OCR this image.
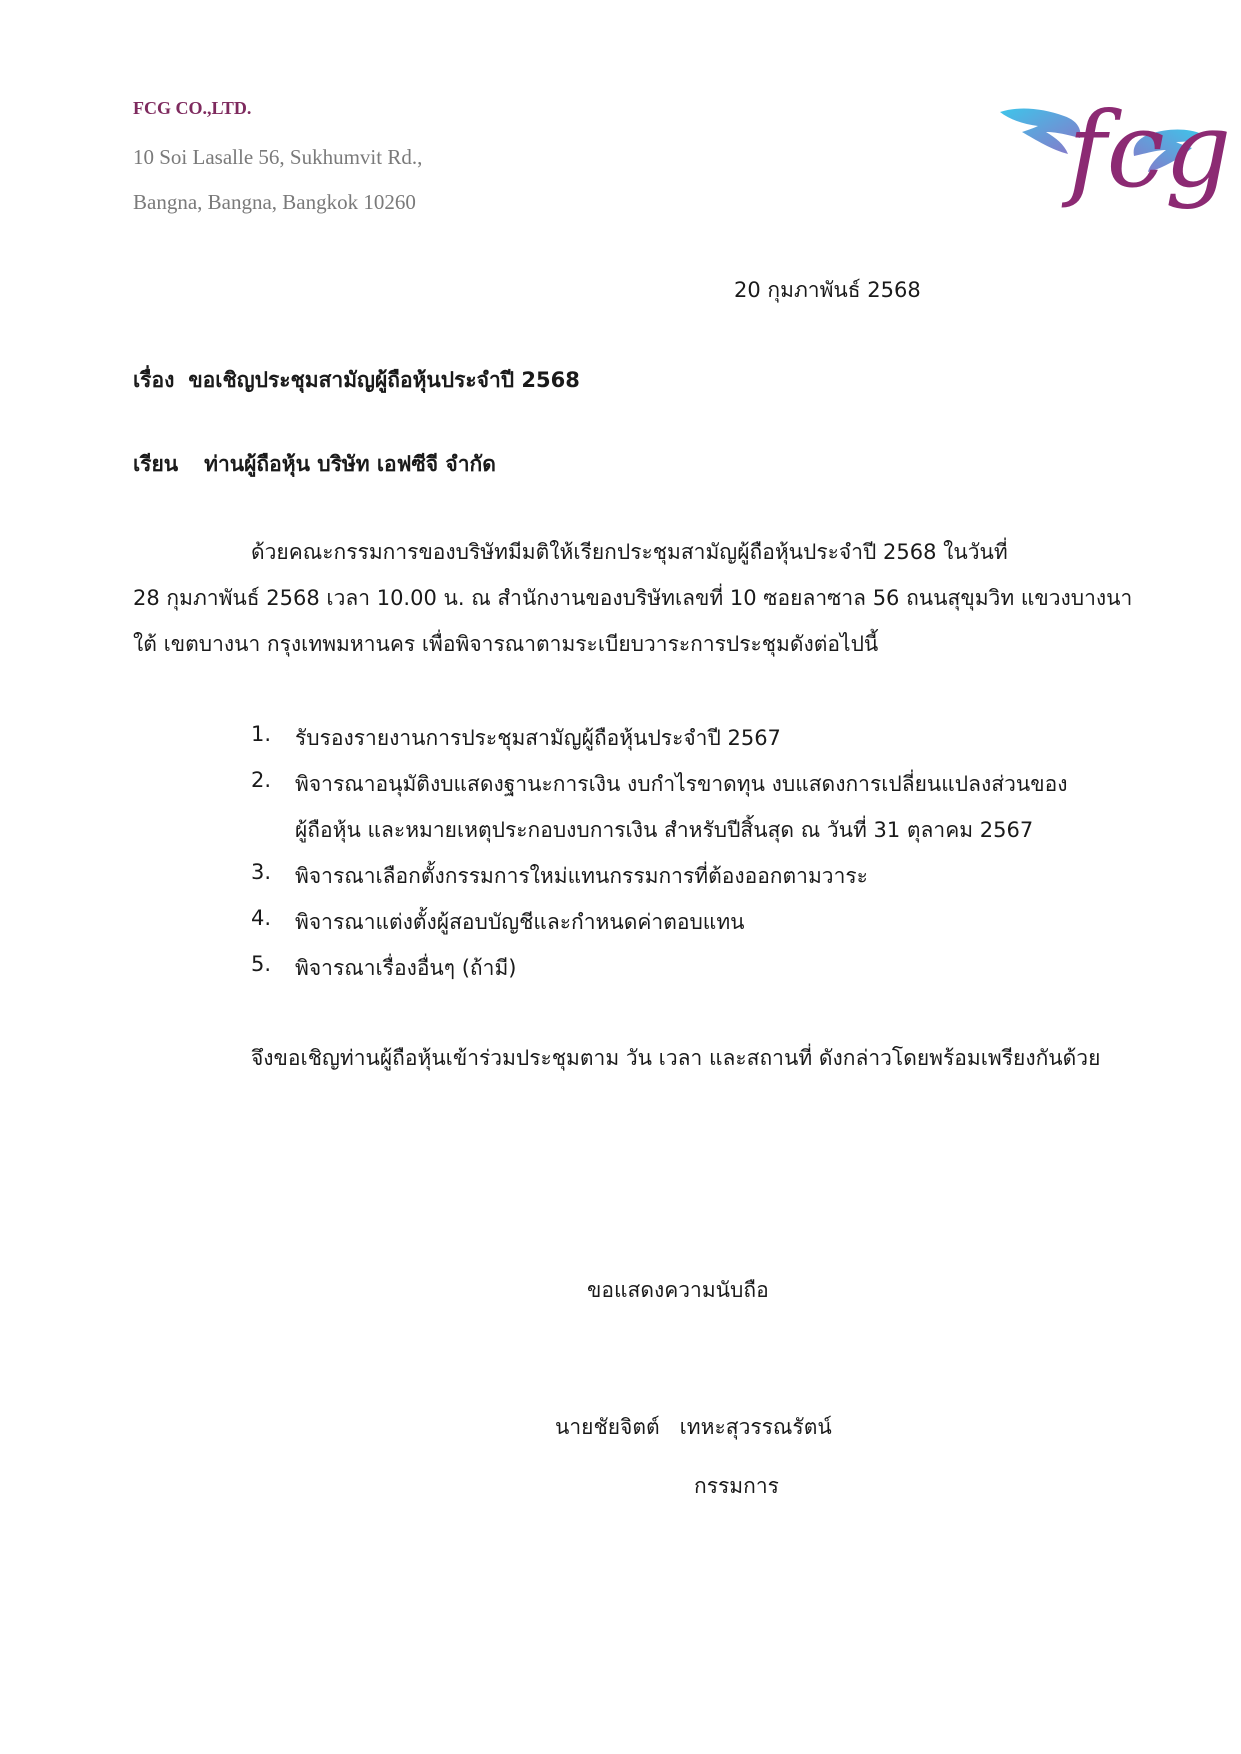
FCG CO.,LTD.
10 Soi Lasalle 56, Sukhumvit Rd.,
Bangna, Bangna, Bangkok 10260	fcg
20 กุมภาพันธ์ 2568
เรื่อง ขอเชิญประชุมสามัญผู้ถือหุ้นประจำปี 2568
เรียน ท่านผู้ถือหุ้น บริษัท เอฟซีจี จำกัด
ด้วยคณะกรรมการของบริษัทมีมติให้เรียกประชุมสามัญผู้ถือหุ้นประจำปี 2568 ในวันที่
28 กุมภาพันธ์ 2568 เวลา 10.00 น. ณ สำนักงานของบริษัทเลขที่ 10 ซอยลาซาล 56 ถนนสุขุมวิท แขวงบางนา
ใต้ เขตบางนา กรุงเทพมหานคร เพื่อพิจารณาตามระเบียบวาระการประชุมดังต่อไปนี้
1. รับรองรายงานการประชุมสามัญผู้ถือหุ้นประจำปี 2567
2. พิจารณาอนุมัติงบแสดงฐานะการเงิน งบกำไรขาดทุน งบแสดงการเปลี่ยนแปลงส่วนของ
ผู้ถือหุ้น และหมายเหตุประกอบงบการเงิน สำหรับปีสิ้นสุด ณ วันที่ 31 ตุลาคม 2567
3. พิจารณาเลือกตั้งกรรมการใหม่แทนกรรมการที่ต้องออกตามวาระ
4. พิจารณาแต่งตั้งผู้สอบบัญชีและกำหนดค่าตอบแทน
5. พิจารณาเรื่องอื่นๆ (ถ้ามี)
จึงขอเชิญท่านผู้ถือหุ้นเข้าร่วมประชุมตาม วัน เวลา และสถานที่ ดังกล่าวโดยพร้อมเพรียงกันด้วย
ขอแสดงความนับถือ
นายชัยจิตต์   เทหะสุวรรณรัตน์
กรรมการ
